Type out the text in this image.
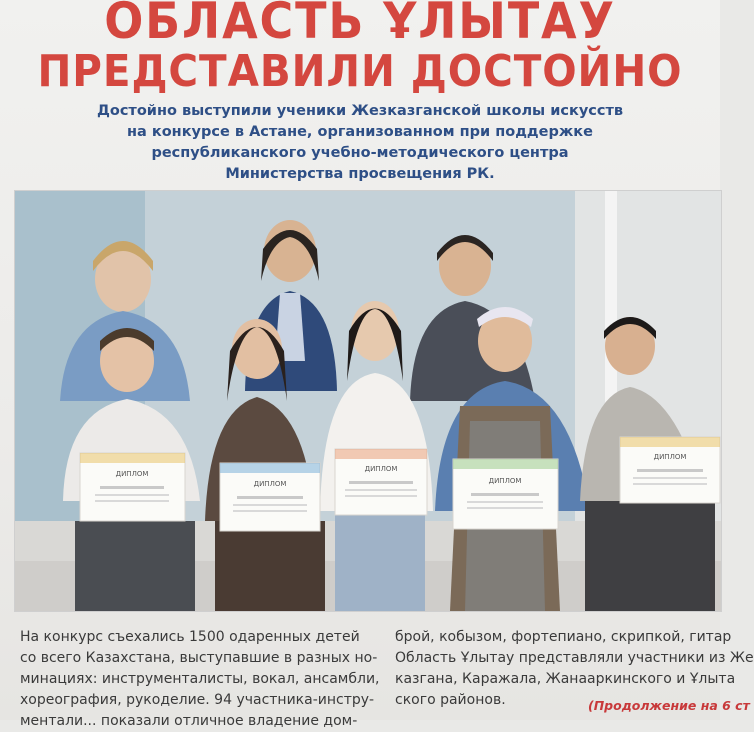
ОБЛАСТЬ ҰЛЫТАУ
ПРЕДСТАВИЛИ ДОСТОЙНО
Достойно выступили ученики Жезказганской школы искусств
на конкурсе в Астане, организованном при поддержке
республиканского учебно-методического центра
Министерства просвещения РК.
ДИПЛОМ
ДИПЛОМ
ДИПЛОМ
ДИПЛОМ
ДИПЛОМ
На конкурс съехались 1500 одаренных детей
со всего Казахстана, выступавшие в разных но-
минациях: инструменталисты, вокал, ансамбли,
хореография, рукоделие. 94 участника-инстру-
ментали... показали отличное владение дом-
брой, кобызом, фортепиано, скрипкой, гитар
Область Ұлытау представляли участники из Же
казгана, Каражала, Жанааркинского и Ұлыта
ского районов.	(Продолжение на 6 ст
